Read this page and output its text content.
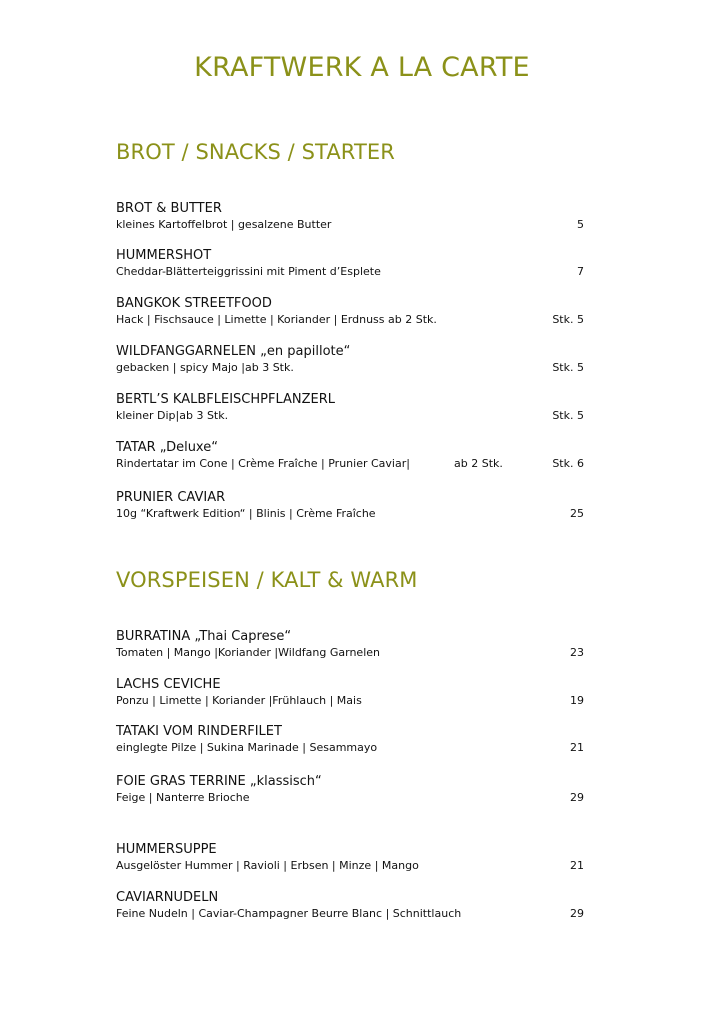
KRAFTWERK A LA CARTE
BROT / SNACKS / STARTER
BROT & BUTTER
kleines Kartoffelbrot | gesalzene Butter	5
HUMMERSHOT
Cheddar-Blätterteiggrissini mit Piment d’Esplete	7
BANGKOK STREETFOOD
Hack | Fischsauce | Limette | Koriander | Erdnuss ab 2 Stk.	Stk. 5
WILDFANGGARNELEN „en papillote“
gebacken | spicy Majo |ab 3 Stk.	Stk. 5
BERTL’S KALBFLEISCHPFLANZERL
kleiner Dip|ab 3 Stk.	Stk. 5
TATAR „Deluxe“
Rindertatar im Cone | Crème Fraîche | Prunier Caviar|	ab 2 Stk.	Stk. 6
PRUNIER CAVIAR
10g “Kraftwerk Edition“ | Blinis | Crème Fraîche	25
VORSPEISEN / KALT & WARM
BURRATINA „Thai Caprese“
Tomaten | Mango |Koriander |Wildfang Garnelen	23
LACHS CEVICHE
Ponzu | Limette | Koriander |Frühlauch | Mais	19
TATAKI VOM RINDERFILET
einglegte Pilze | Sukina Marinade | Sesammayo	21
FOIE GRAS TERRINE „klassisch“
Feige | Nanterre Brioche	29
HUMMERSUPPE
Ausgelöster Hummer | Ravioli | Erbsen | Minze | Mango	21
CAVIARNUDELN
Feine Nudeln | Caviar-Champagner Beurre Blanc | Schnittlauch	29
